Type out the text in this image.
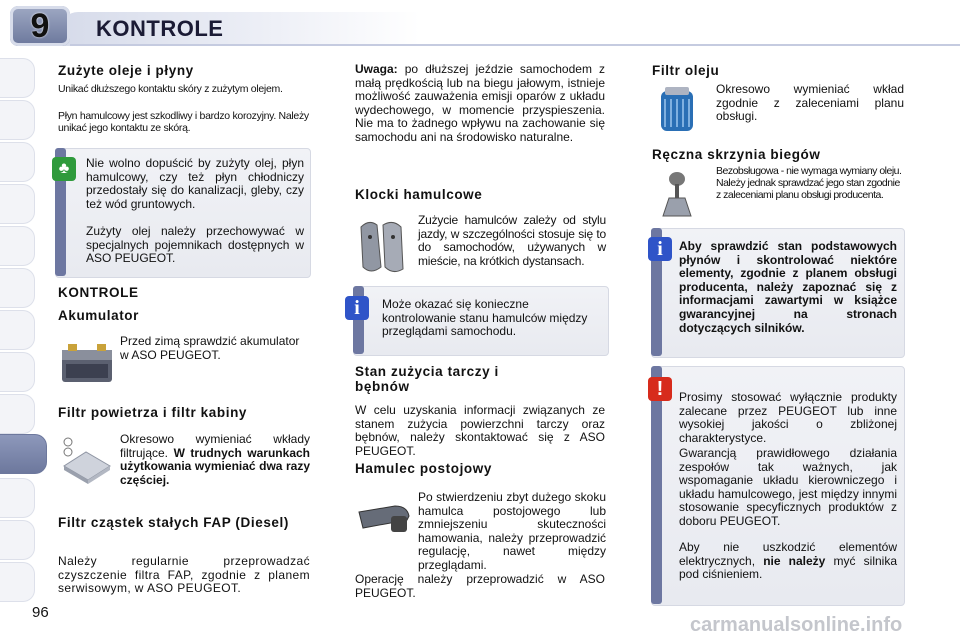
9	KONTROLE
Zużyte oleje i płyny

Unikać dłuższego kontaktu skóry z zużytym olejem.

Płyn hamulcowy jest szkodliwy i bardzo korozyjny. Należy unikać jego kontaktu ze skórą.

♣	Nie wolno dopuścić by zużyty olej, płyn hamulcowy, czy też płyn chłodniczy przedostały się do kanalizacji, gleby, czy też wód gruntowych.

Zużyty olej należy przechowywać w specjalnych pojemnikach dostępnych w ASO PEUGEOT.

KONTROLE
Akumulator

Przed zimą sprawdzić akumulator w ASO PEUGEOT.

Filtr powietrza i filtr kabiny
Okresowo wymieniać wkłady filtrujące. W trudnych warunkach użytkowania wymieniać dwa razy częściej.
Filtr cząstek stałych FAP (Diesel)

Należy regularnie przeprowadzać czyszczenie filtra FAP, zgodnie z planem serwisowym, w ASO PEUGEOT.

96
Uwaga: po dłuższej jeździe samochodem z małą prędkością lub na biegu jałowym, istnieje możliwość zauważenia emisji oparów z układu wydechowego, w momencie przyspieszenia. Nie ma to żadnego wpływu na zachowanie się samochodu ani na środowisko naturalne.
Klocki hamulcowe

Zużycie hamulców zależy od stylu jazdy, w szczególności stosuje się to do samochodów, używanych w mieście, na krótkich dystansach.

i	Może okazać się konieczne kontrolowanie stanu hamulców między przeglądami samochodu.

Stan zużycia tarczy i bębnów

W celu uzyskania informacji związanych ze stanem zużycia powierzchni tarczy oraz bębnów, należy skontaktować się z ASO PEUGEOT.

Hamulec postojowy

Po stwierdzeniu zbyt dużego skoku hamulca postojowego lub zmniejszeniu skuteczności hamowania, należy przeprowadzić regulację, nawet między przeglądami.

Operację należy przeprowadzić w ASO PEUGEOT.

Filtr oleju

Okresowo wymieniać wkład zgodnie z zaleceniami planu obsługi.

Ręczna skrzynia biegów

Bezobsługowa - nie wymaga wymiany oleju. Należy jednak sprawdzać jego stan zgodnie z zaleceniami planu obsługi producenta.

i	Aby sprawdzić stan podstawowych płynów i skontrolować niektóre elementy, zgodnie z planem obsługi producenta, należy zapoznać się z informacjami zawartymi w książce gwarancyjnej na stronach dotyczących silników.

!	Prosimy stosować wyłącznie produkty zalecane przez PEUGEOT lub inne wysokiej jakości o zbliżonej charakterystyce.

Gwarancją prawidłowego działania zespołów tak ważnych, jak wspomaganie układu kierowniczego i układu hamulcowego, jest między innymi stosowanie specyficznych produktów z doboru PEUGEOT.

Aby nie uszkodzić elementów elektrycznych, nie należy myć silnika pod ciśnieniem.
carmanualsonline.info
